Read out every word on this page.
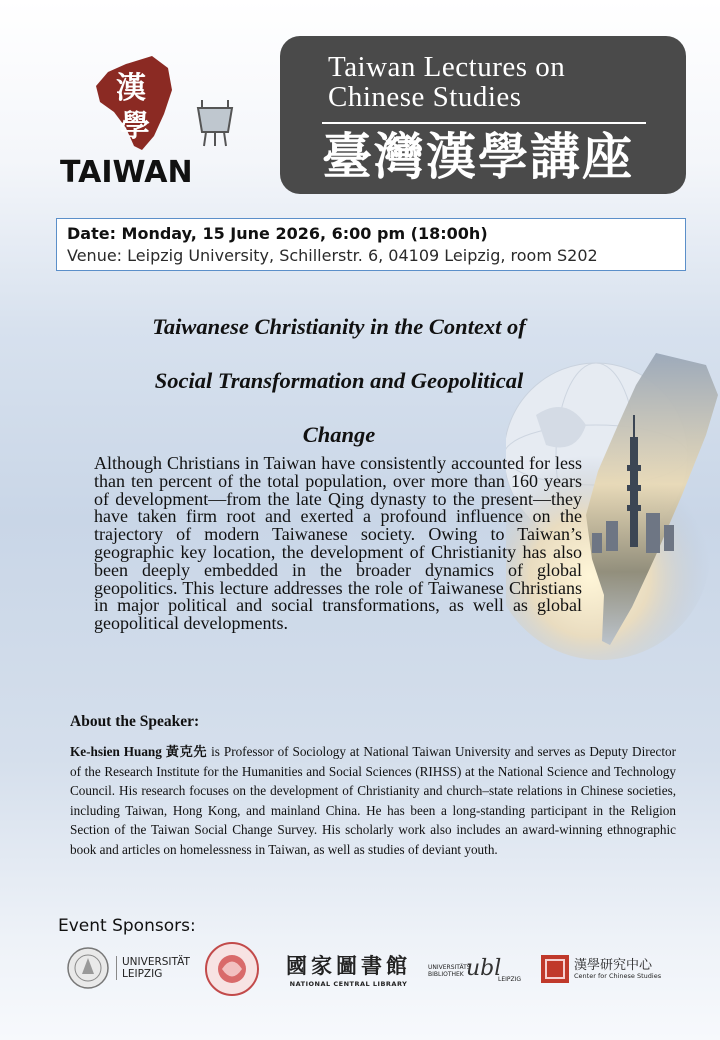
漢
學
TAIWAN
Taiwan Lectures on
Chinese Studies
臺灣漢學講座
Date: Monday, 15 June 2026, 6:00 pm (18:00h)
Venue: Leipzig University, Schillerstr. 6, 04109 Leipzig, room S202
Taiwanese Christianity in the Context of
Social Transformation and Geopolitical
Change
Although Christians in Taiwan have consistently accounted for less than ten percent of the total population, over more than 160 years of development—from the late Qing dynasty to the present—they have taken firm root and exerted a profound influence on the trajectory of modern Taiwanese society. Owing to Taiwan’s geographic key location, the development of Christianity has also been deeply embedded in the broader dynamics of global geopolitics. This lecture addresses the role of Taiwanese Christians in major political and social transformations, as well as global geopolitical developments.
About the Speaker:
Ke-hsien Huang 黃克先 is Professor of Sociology at National Taiwan University and serves as Deputy Director of the Research Institute for the Humanities and Social Sciences (RIHSS) at the National Science and Technology Council. His research focuses on the development of Christianity and church–state relations in Chinese societies, including Taiwan, Hong Kong, and mainland China. He has been a long-standing participant in the Religion Section of the Taiwan Social Change Survey. His scholarly work also includes an award-winning ethnographic book and articles on homelessness in Taiwan, as well as studies of deviant youth.
Event Sponsors:
UNIVERSITÄT
LEIPZIG	國家圖書館
NATIONAL CENTRAL LIBRARY
UNIVERSITÄTS BIBLIOTHEK ubl
LEIPZIG
漢學研究中心
Center for Chinese Studies
